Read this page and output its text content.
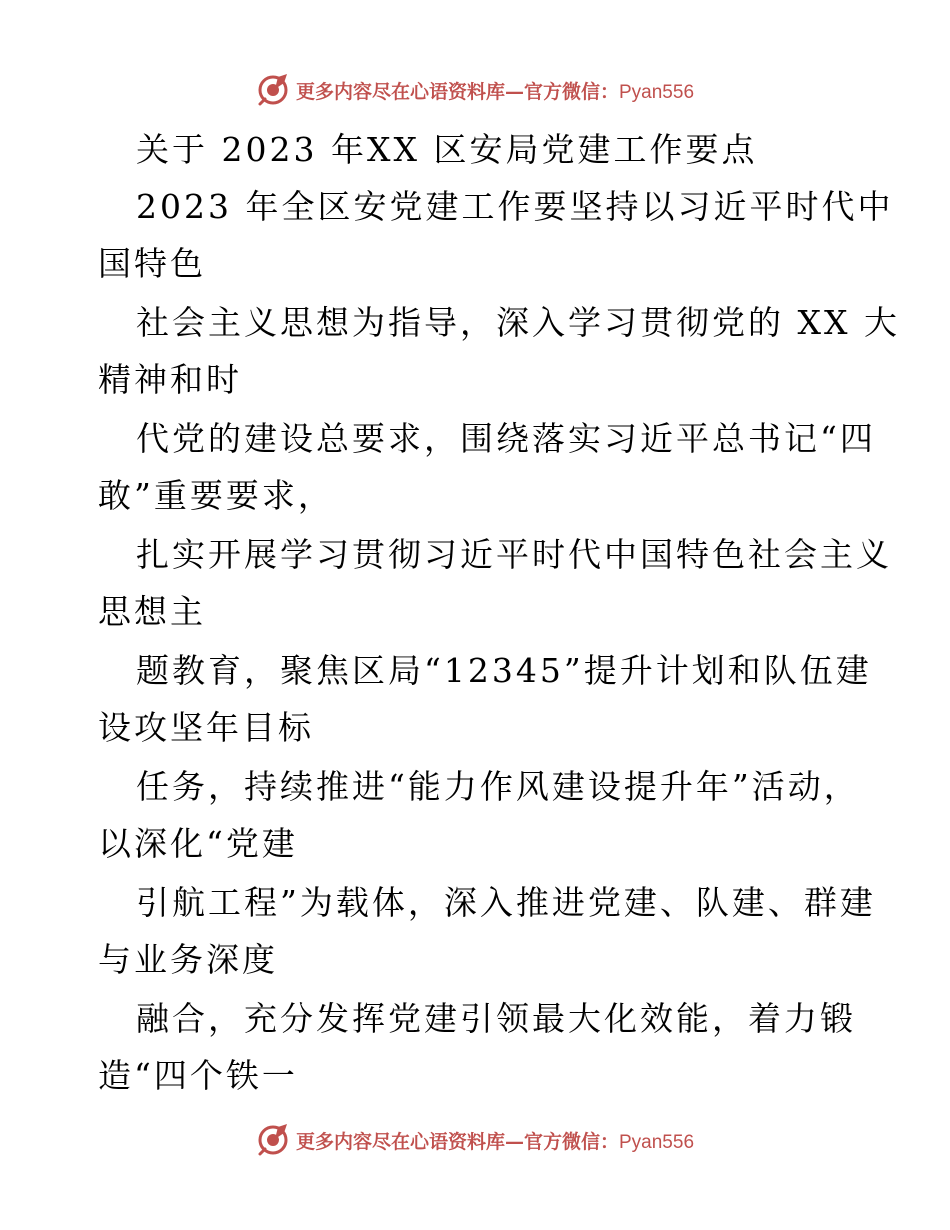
更多内容尽在心语资料库—官方微信：Pyan556
关于 2023 年XX 区安局党建工作要点
2023 年全区安党建工作要坚持以习近平时代中
国特色
社会主义思想为指导，深入学习贯彻党的 XX 大
精神和时
代党的建设总要求，围绕落实习近平总书记“四
敢”重要要求，
扎实开展学习贯彻习近平时代中国特色社会主义
思想主
题教育，聚焦区局“12345”提升计划和队伍建
设攻坚年目标
任务，持续推进“能力作风建设提升年”活动，
以深化“党建
引航工程”为载体，深入推进党建、队建、群建
与业务深度
融合，充分发挥党建引领最大化效能，着力锻
造“四个铁一
更多内容尽在心语资料库—官方微信：Pyan556
